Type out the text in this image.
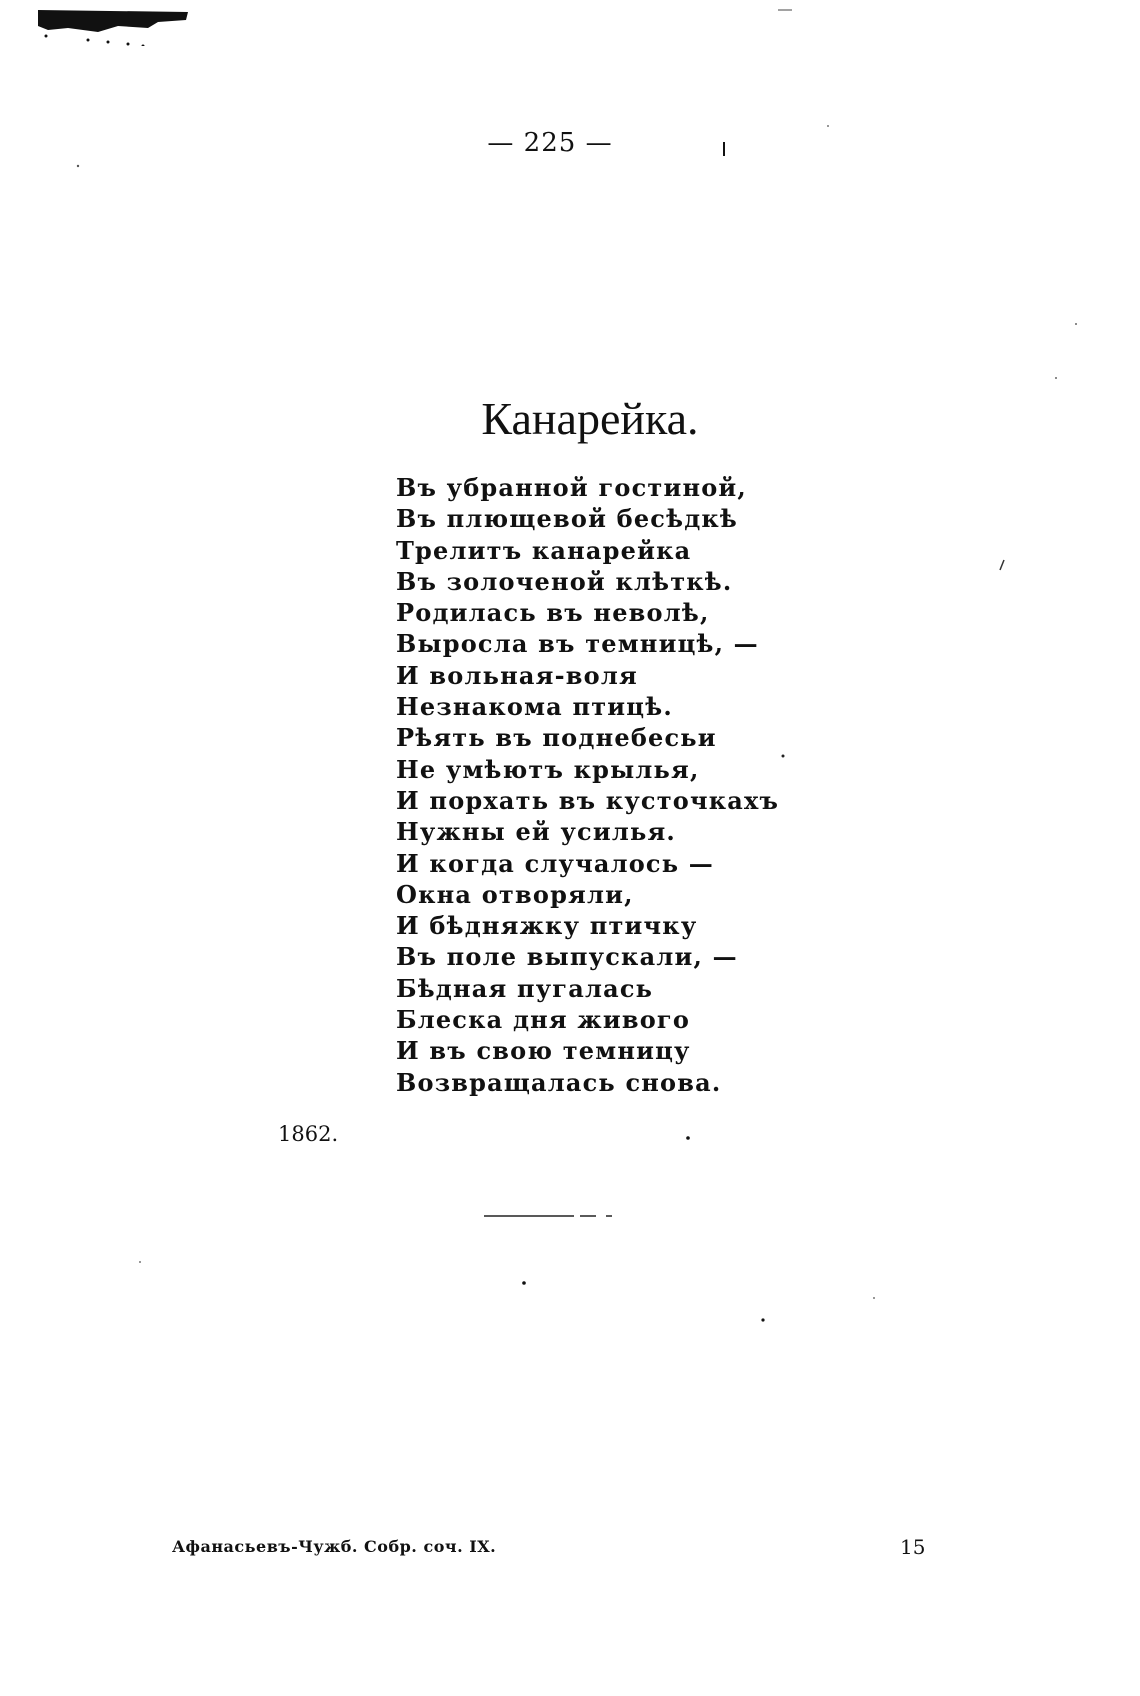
— 225 —
Канарейка.
Въ убранной гостиной,
Въ плющевой бесѣдкѣ
Трелитъ канарейка
Въ золоченой клѣткѣ.
Родилась въ неволѣ,
Выросла въ темницѣ, —
И вольная-воля
Незнакома птицѣ.
Рѣять въ поднебесьи
Не умѣютъ крылья,
И порхать въ кусточкахъ
Нужны ей усилья.
И когда случалось —
Окна отворяли,
И бѣдняжку птичку
Въ поле выпускали, —
Бѣдная пугалась
Блеска дня живого
И въ свою темницу
Возвращалась снова.
1862.
Афанасьевъ-Чужб. Собр. соч. IX.	15
